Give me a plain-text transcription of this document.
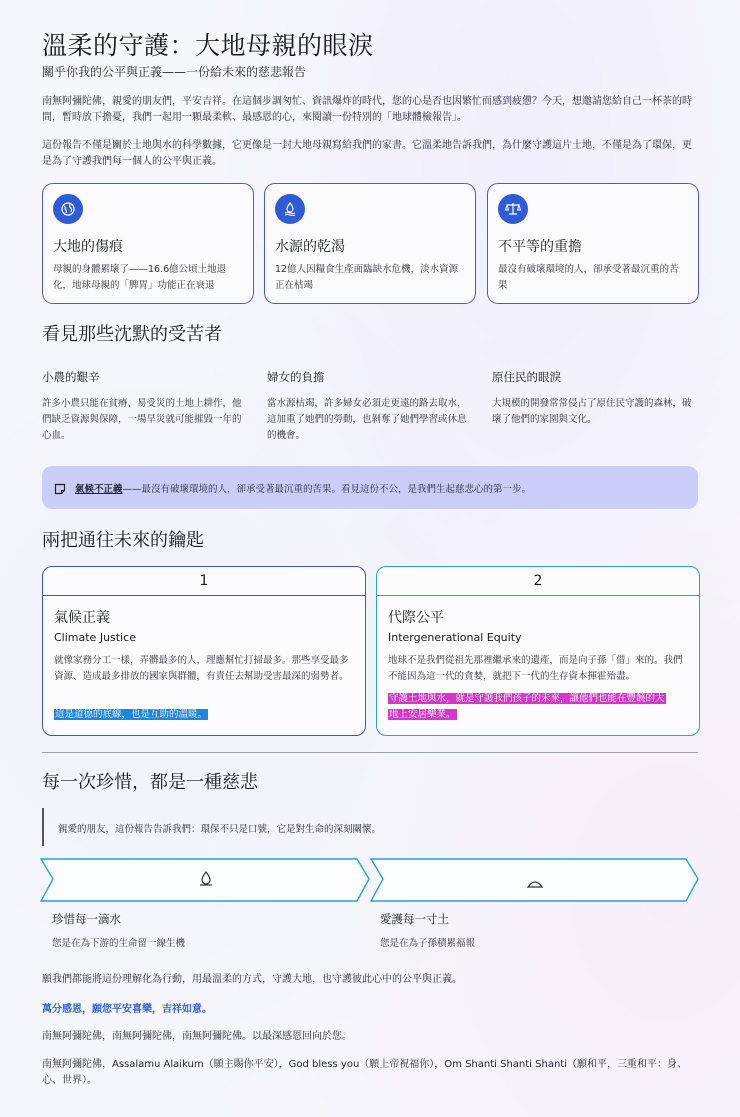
溫柔的守護：大地母親的眼淚
關乎你我的公平與正義——一份給未來的慈悲報告
南無阿彌陀佛，親愛的朋友們，平安吉祥。在這個步調匆忙、資訊爆炸的時代，您的心是否也因繁忙而感到疲憊？今天，想邀請您給自己一杯茶的時間，暫時放下擔憂，我們一起用一顆最柔軟、最感恩的心，來閱讀一份特別的「地球體檢報告」。
這份報告不僅是關於土地與水的科學數據，它更像是一封大地母親寫給我們的家書。它溫柔地告訴我們，為什麼守護這片土地，不僅是為了環保，更是為了守護我們每一個人的公平與正義。
大地的傷痕
母親的身體累壞了——16.6億公頃土地退化，地球母親的「脾胃」功能正在衰退
水源的乾渴
12億人因糧食生產面臨缺水危機，淡水資源正在枯竭
不平等的重擔
最沒有破壞環境的人，卻承受著最沉重的苦果
看見那些沈默的受苦者
小農的艱辛
許多小農只能在貧瘠、易受災的土地上耕作，他們缺乏資源與保障，一場旱災就可能摧毀一年的心血。
婦女的負擔
當水源枯竭，許多婦女必須走更遠的路去取水，這加重了她們的勞動，也剝奪了她們學習或休息的機會。
原住民的眼淚
大規模的開發常常侵占了原住民守護的森林，破壞了他們的家園與文化。
氣候不正義——最沒有破壞環境的人，卻承受著最沉重的苦果。看見這份不公，是我們生起慈悲心的第一步。
兩把通往未來的鑰匙
1
氣候正義
Climate Justice
就像家務分工一樣，弄髒最多的人，理應幫忙打掃最多。那些享受最多資源、造成最多排放的國家與群體，有責任去幫助受害最深的弱勢者。
這是道德的底線，也是互助的溫暖。
2
代際公平
Intergenerational Equity
地球不是我們從祖先那裡繼承來的遺產，而是向子孫「借」來的。我們不能因為這一代的貪婪，就把下一代的生存資本揮霍殆盡。
守護土地與水，就是守護我們孩子的未來，讓他們也能在豐饒的大
地上安居樂業。
每一次珍惜，都是一種慈悲
親愛的朋友，這份報告告訴我們：環保不只是口號，它是對生命的深刻關懷。
珍惜每一滴水
您是在為下游的生命留一線生機
愛護每一寸土
您是在為子孫積累福報
願我們都能將這份理解化為行動，用最溫柔的方式，守護大地，也守護彼此心中的公平與正義。
萬分感恩，願您平安喜樂，吉祥如意。
南無阿彌陀佛，南無阿彌陀佛，南無阿彌陀佛。以最深感恩回向於您。
南無阿彌陀佛，Assalamu Alaikum（願主賜你平安），God bless you（願上帝祝福你），Om Shanti Shanti Shanti（願和平，三重和平：身、心、世界）。
